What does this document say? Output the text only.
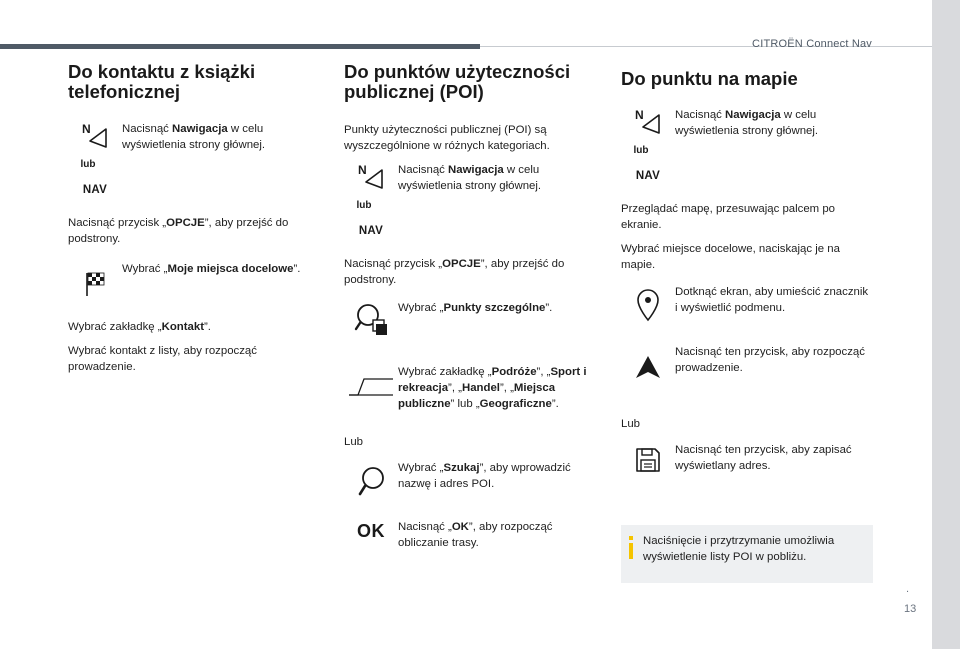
CITROËN Connect Nav
.
13
Do kontaktu z książki
telefonicznej
N
lub
NAV
Nacisnąć Nawigacja w celu wyświetlenia strony głównej.

Nacisnąć przycisk „OPCJE”, aby przejść do podstrony.

Wybrać „Moje miejsca docelowe”.

Wybrać zakładkę „Kontakt”.

Wybrać kontakt z listy, aby rozpocząć prowadzenie.

Do punktów użyteczności
publicznej (POI)

Punkty użyteczności publicznej (POI) są wyszczególnione w różnych kategoriach.

N
lub
NAV
Nacisnąć Nawigacja w celu wyświetlenia strony głównej.

Nacisnąć przycisk „OPCJE”, aby przejść do podstrony.

Wybrać „Punkty szczególne”.
Wybrać zakładkę „Podróże”, „Sport i rekreacja”, „Handel”, „Miejsca publiczne” lub „Geograficzne”.

Lub

Wybrać „Szukaj”, aby wprowadzić nazwę i adres POI.
OK Nacisnąć „OK”, aby rozpocząć obliczanie trasy.
Do punktu na mapie
N
lub
NAV
Nacisnąć Nawigacja w celu wyświetlenia strony głównej.

Przeglądać mapę, przesuwając palcem po ekranie.

Wybrać miejsce docelowe, naciskając je na mapie.

Dotknąć ekran, aby umieścić znacznik i wyświetlić podmenu.
Nacisnąć ten przycisk, aby rozpocząć prowadzenie.

Lub

Nacisnąć ten przycisk, aby zapisać wyświetlany adres.
Naciśnięcie i przytrzymanie umożliwia wyświetlenie listy POI w pobliżu.
